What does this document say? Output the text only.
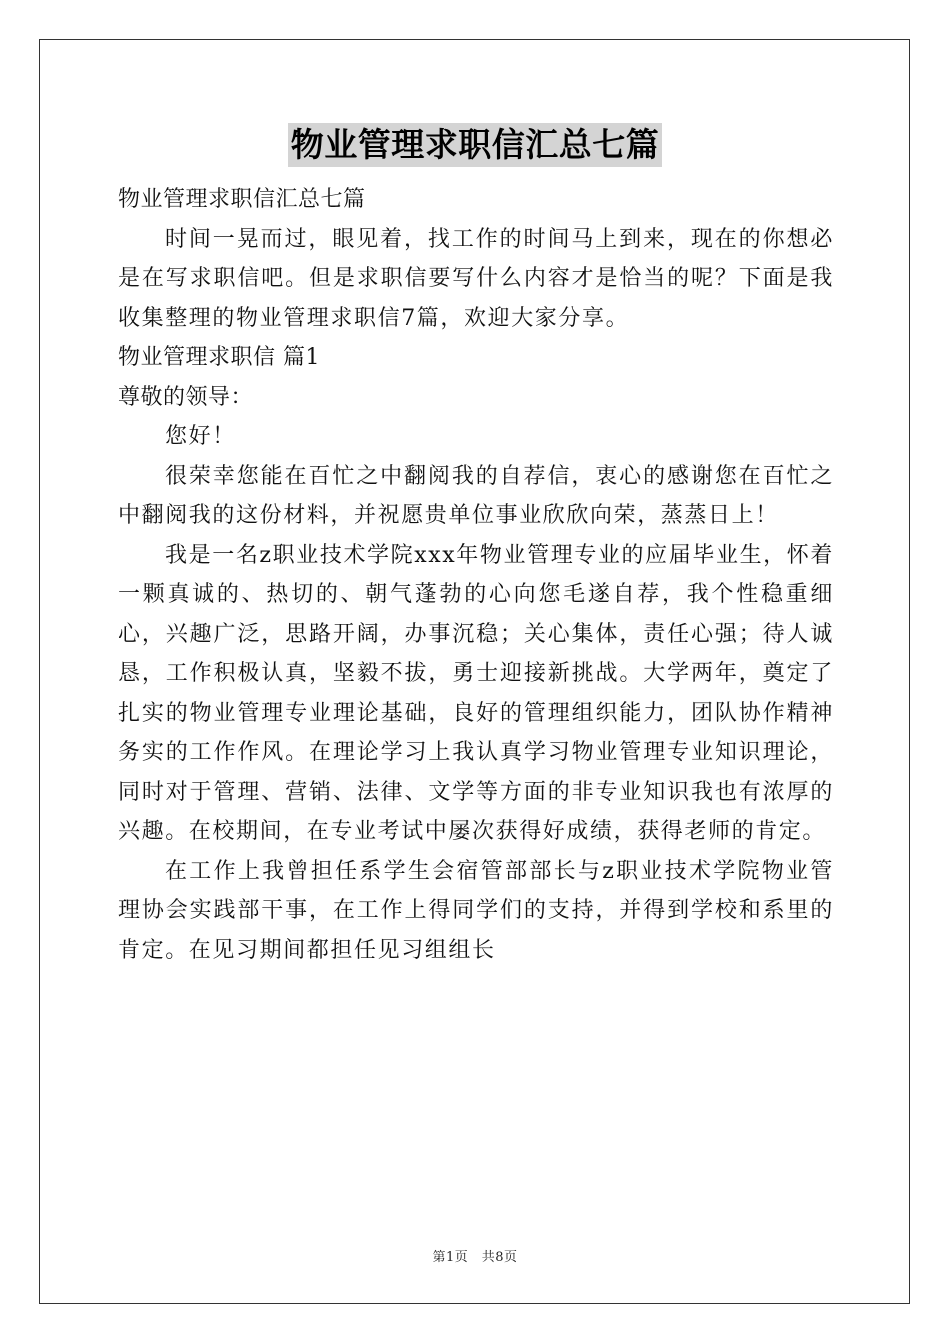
物业管理求职信汇总七篇

物业管理求职信汇总七篇

时间一晃而过，眼见着，找工作的时间马上到来，现在的你想必是在写求职信吧。但是求职信要写什么内容才是恰当的呢？下面是我收集整理的物业管理求职信7篇，欢迎大家分享。

物业管理求职信 篇1

尊敬的领导：

您好！

很荣幸您能在百忙之中翻阅我的自荐信，衷心的感谢您在百忙之中翻阅我的这份材料，并祝愿贵单位事业欣欣向荣，蒸蒸日上！

我是一名z职业技术学院xxx年物业管理专业的应届毕业生，怀着一颗真诚的、热切的、朝气蓬勃的心向您毛遂自荐，我个性稳重细心，兴趣广泛，思路开阔，办事沉稳；关心集体，责任心强；待人诚恳，工作积极认真，坚毅不拔，勇士迎接新挑战。大学两年，奠定了扎实的物业管理专业理论基础，良好的管理组织能力，团队协作精神务实的工作作风。在理论学习上我认真学习物业管理专业知识理论，同时对于管理、营销、法律、文学等方面的非专业知识我也有浓厚的兴趣。在校期间，在专业考试中屡次获得好成绩，获得老师的肯定。

在工作上我曾担任系学生会宿管部部长与z职业技术学院物业管理协会实践部干事，在工作上得同学们的支持，并得到学校和系里的肯定。在见习期间都担任见习组组长

第1页　共8页
